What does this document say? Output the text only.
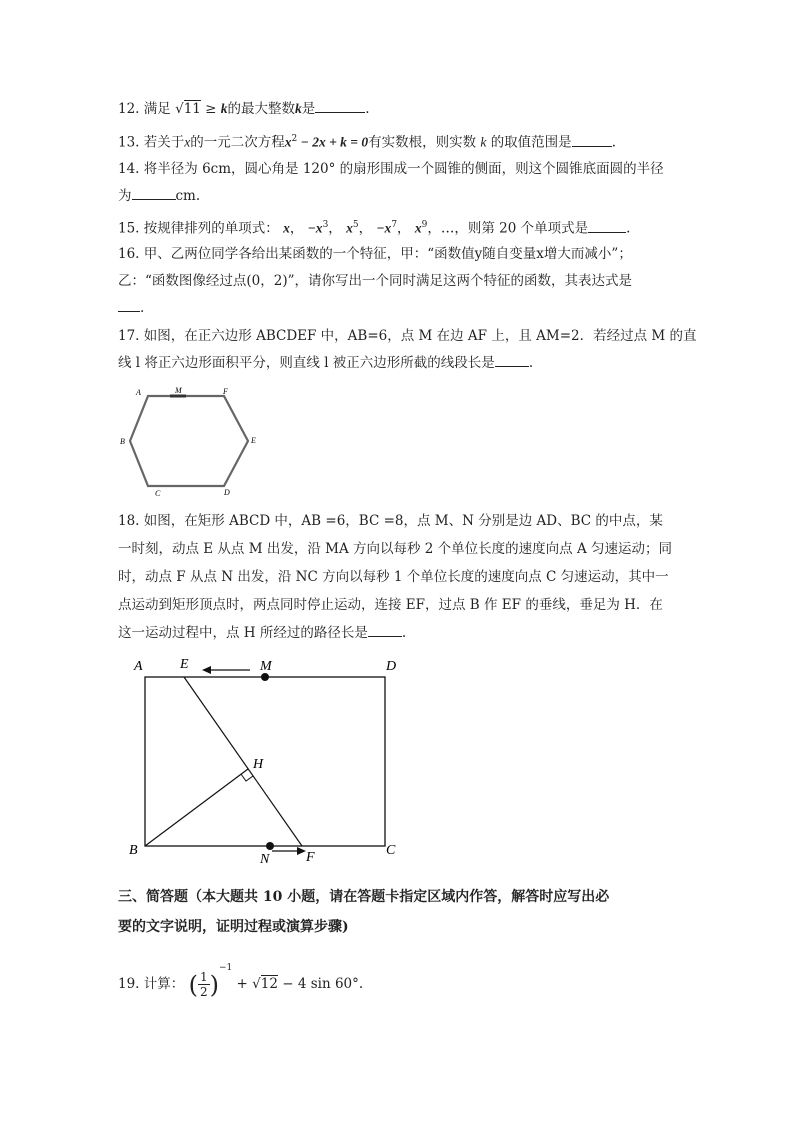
12. 满足 √11 ≥ k的最大整数k是	.
13. 若关于x的一元二次方程$x^2 - 2x + k = 0$有实数根，则实数 k 的取值范围是	.
14. 将半径为 6cm，圆心角是 120° 的扇形围成一个圆锥的侧面，则这个圆锥底面圆的半径
为	cm.
15. 按规律排列的单项式： x， $-x^3$， $x^5$， $-x^7$， $x^9$，…，则第 20 个单项式是	.
16. 甲、乙两位同学各给出某函数的一个特征，甲：“函数值y随自变量x增大而减小”；
乙：“函数图像经过点(0，2)”，请你写出一个同时满足这两个特征的函数，其表达式是
.
17. 如图，在正六边形 ABCDEF 中，AB=6，点 M 在边 AF 上，且 AM=2．若经过点 M 的直
线 l 将正六边形面积平分，则直线 l 被正六边形所截的线段长是	.
A	M	F
E
D
C
B
18. 如图，在矩形 ABCD 中，AB =6，BC =8，点 M、N 分别是边 AD、BC 的中点，某
一时刻，动点 E 从点 M 出发，沿 MA 方向以每秒 2 个单位长度的速度向点 A 匀速运动；同
时，动点 F 从点 N 出发，沿 NC 方向以每秒 1 个单位长度的速度向点 C 匀速运动，其中一
点运动到矩形顶点时，两点同时停止运动，连接 EF，过点 B 作 EF 的垂线，垂足为 H．在
这一运动过程中，点 H 所经过的路径长是	.
A	E	M	D
H
B
N	F	C
三、简答题（本大题共 10 小题，请在答题卡指定区域内作答，解答时应写出必
要的文字说明，证明过程或演算步骤)
19. 计算： ( $\frac{1}{2} )^{-1} + √12 - 4$ sin 60°.
